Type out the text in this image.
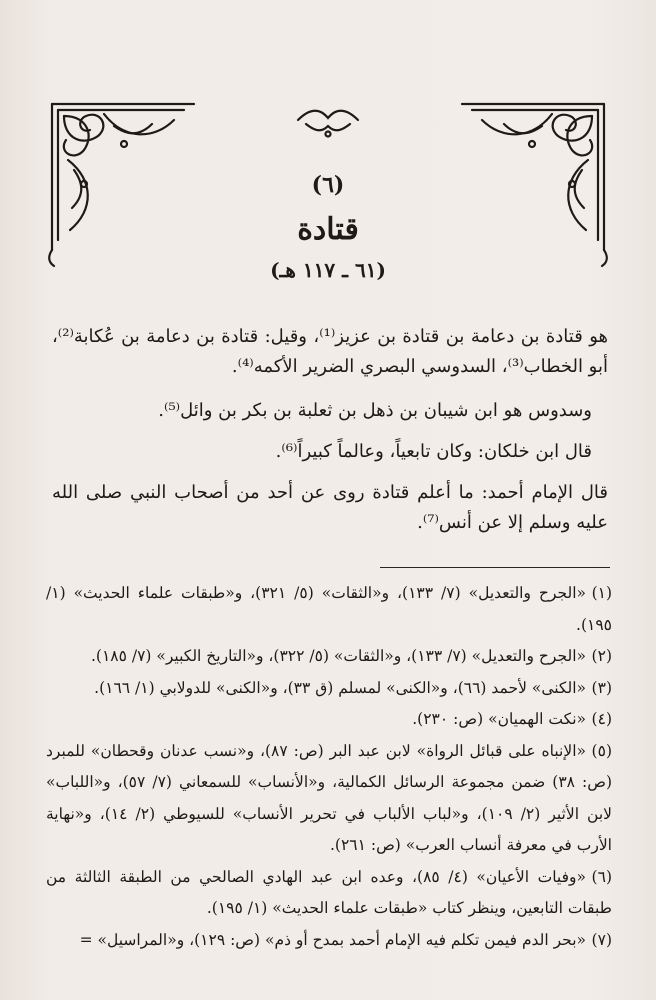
(٦)
قتادة
(٦١ ـ ١١٧ هـ)

هو قتادة بن دعامة بن قتادة بن عزيز⁽¹⁾، وقيل: قتادة بن دعامة بن عُكابة⁽²⁾، أبو الخطاب⁽³⁾، السدوسي البصري الضرير الأكمه⁽⁴⁾.

وسدوس هو ابن شيبان بن ذهل بن ثعلبة بن بكر بن وائل⁽⁵⁾.

قال ابن خلكان: وكان تابعياً، وعالماً كبيراً⁽⁶⁾.

قال الإمام أحمد: ما أعلم قتادة روى عن أحد من أصحاب النبي صلى الله عليه وسلم إلا عن أنس⁽⁷⁾.

(١)«الجرح والتعديل» (٧/ ١٣٣)، و«الثقات» (٥/ ٣٢١)، و«طبقات علماء الحديث» (١/ ١٩٥).

(٢)«الجرح والتعديل» (٧/ ١٣٣)، و«الثقات» (٥/ ٣٢٢)، و«التاريخ الكبير» (٧/ ١٨٥).

(٣)«الكنى» لأحمد (٦٦)، و«الكنى» لمسلم (ق ٣٣)، و«الكنى» للدولابي (١/ ١٦٦).

(٤)«نكت الهميان» (ص: ٢٣٠).

(٥)«الإنباه على قبائل الرواة» لابن عبد البر (ص: ٨٧)، و«نسب عدنان وقحطان» للمبرد (ص: ٣٨) ضمن مجموعة الرسائل الكمالية، و«الأنساب» للسمعاني (٧/ ٥٧)، و«اللباب» لابن الأثير (٢/ ١٠٩)، و«لباب الألباب في تحرير الأنساب» للسيوطي (٢/ ١٤)، و«نهاية الأرب في معرفة أنساب العرب» (ص: ٢٦١).

(٦)«وفيات الأعيان» (٤/ ٨٥)، وعده ابن عبد الهادي الصالحي من الطبقة الثالثة من طبقات التابعين، وينظر كتاب «طبقات علماء الحديث» (١/ ١٩٥).

(٧)«بحر الدم فيمن تكلم فيه الإمام أحمد بمدح أو ذم» (ص: ١٢٩)، و«المراسيل» =
